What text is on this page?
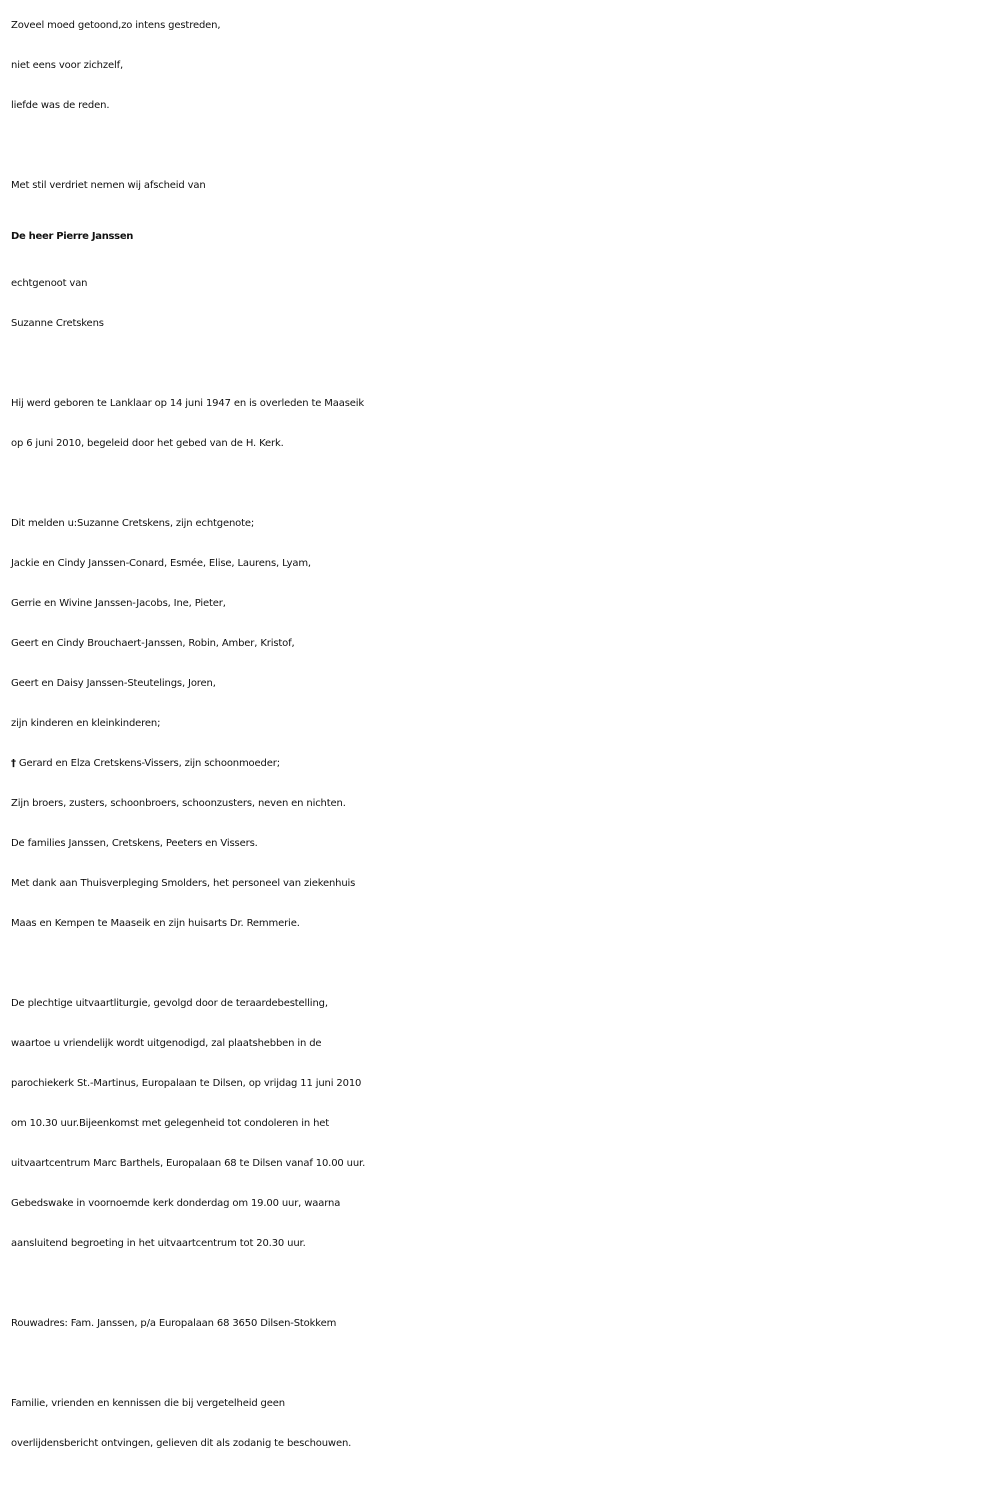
Zoveel moed getoond,zo intens gestreden,
niet eens voor zichzelf,
liefde was de reden.
Met stil verdriet nemen wij afscheid van
De heer Pierre Janssen
echtgenoot van
Suzanne Cretskens
Hij werd geboren te Lanklaar op 14 juni 1947 en is overleden te Maaseik
op 6 juni 2010, begeleid door het gebed van de H. Kerk.
Dit melden u:Suzanne Cretskens, zijn echtgenote;
Jackie en Cindy Janssen-Conard, Esmée, Elise, Laurens, Lyam,
Gerrie en Wivine Janssen-Jacobs, Ine, Pieter,
Geert en Cindy Brouchaert-Janssen, Robin, Amber, Kristof,
Geert en Daisy Janssen-Steutelings, Joren,
zijn kinderen en kleinkinderen;
† Gerard en Elza Cretskens-Vissers, zijn schoonmoeder;
Zijn broers, zusters, schoonbroers, schoonzusters, neven en nichten.
De families Janssen, Cretskens, Peeters en Vissers.
Met dank aan Thuisverpleging Smolders, het personeel van ziekenhuis
Maas en Kempen te Maaseik en zijn huisarts Dr. Remmerie.
De plechtige uitvaartliturgie, gevolgd door de teraardebestelling,
waartoe u vriendelijk wordt uitgenodigd, zal plaatshebben in de
parochiekerk St.-Martinus, Europalaan te Dilsen, op vrijdag 11 juni 2010
om 10.30 uur.Bijeenkomst met gelegenheid tot condoleren in het
uitvaartcentrum Marc Barthels, Europalaan 68 te Dilsen vanaf 10.00 uur.
Gebedswake in voornoemde kerk donderdag om 19.00 uur, waarna
aansluitend begroeting in het uitvaartcentrum tot 20.30 uur.
Rouwadres: Fam. Janssen, p/a Europalaan 68 3650 Dilsen-Stokkem
Familie, vrienden en kennissen die bij vergetelheid geen
overlijdensbericht ontvingen, gelieven dit als zodanig te beschouwen.
